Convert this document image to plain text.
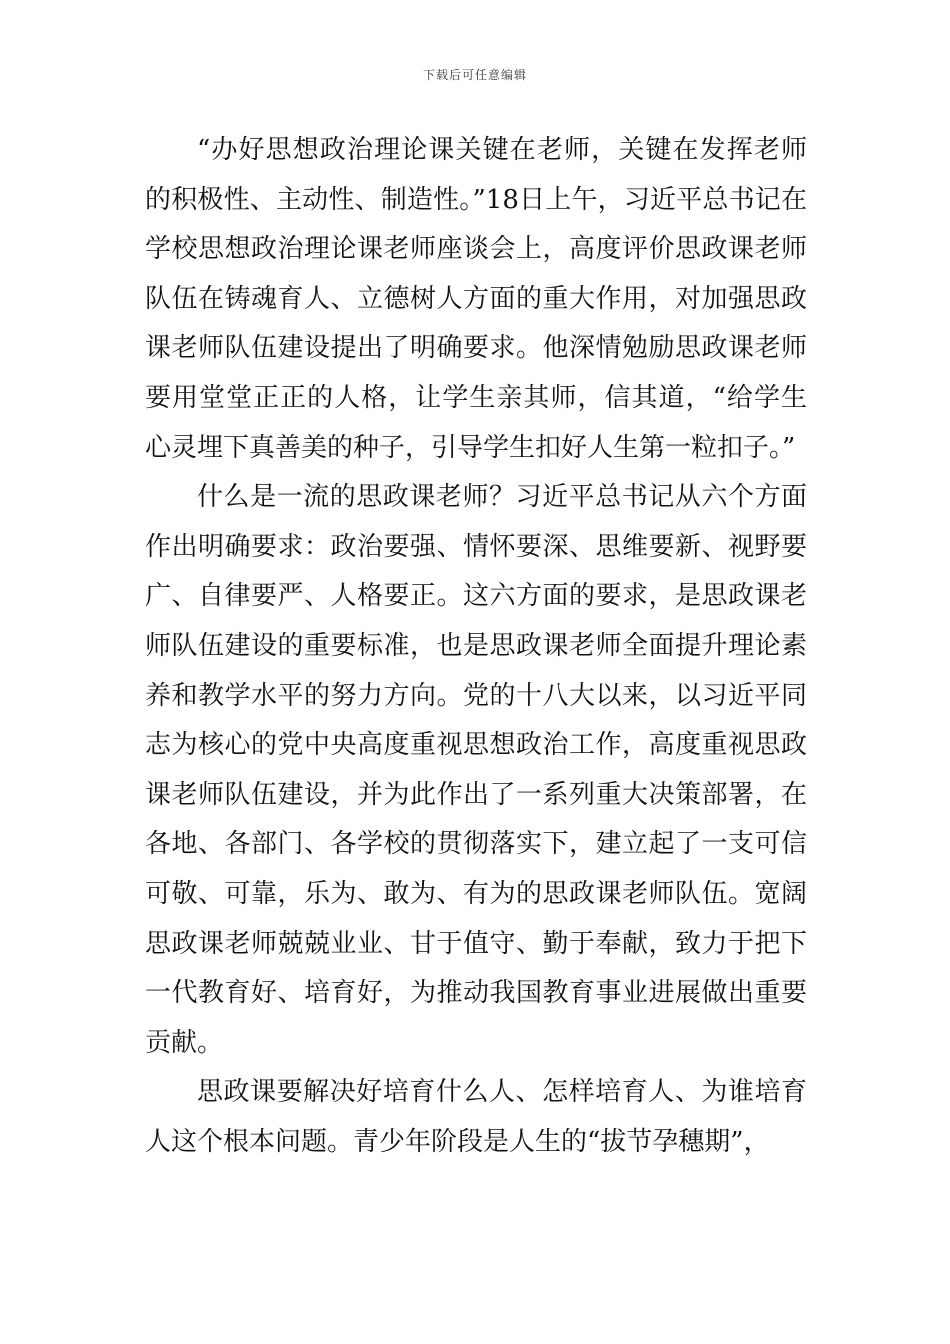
下载后可任意编辑

“办好思想政治理论课关键在老师，关键在发挥老师的积极性、主动性、制造性。”18日上午，习近平总书记在学校思想政治理论课老师座谈会上，高度评价思政课老师队伍在铸魂育人、立德树人方面的重大作用，对加强思政课老师队伍建设提出了明确要求。他深情勉励思政课老师要用堂堂正正的人格，让学生亲其师，信其道，“给学生心灵埋下真善美的种子，引导学生扣好人生第一粒扣子。”

什么是一流的思政课老师？习近平总书记从六个方面作出明确要求：政治要强、情怀要深、思维要新、视野要广、自律要严、人格要正。这六方面的要求，是思政课老师队伍建设的重要标准，也是思政课老师全面提升理论素养和教学水平的努力方向。党的十八大以来，以习近平同志为核心的党中央高度重视思想政治工作，高度重视思政课老师队伍建设，并为此作出了一系列重大决策部署，在各地、各部门、各学校的贯彻落实下，建立起了一支可信可敬、可靠，乐为、敢为、有为的思政课老师队伍。宽阔思政课老师兢兢业业、甘于值守、勤于奉献，致力于把下一代教育好、培育好，为推动我国教育事业进展做出重要贡献。

思政课要解决好培育什么人、怎样培育人、为谁培育人这个根本问题。青少年阶段是人生的“拔节孕穗期”，
